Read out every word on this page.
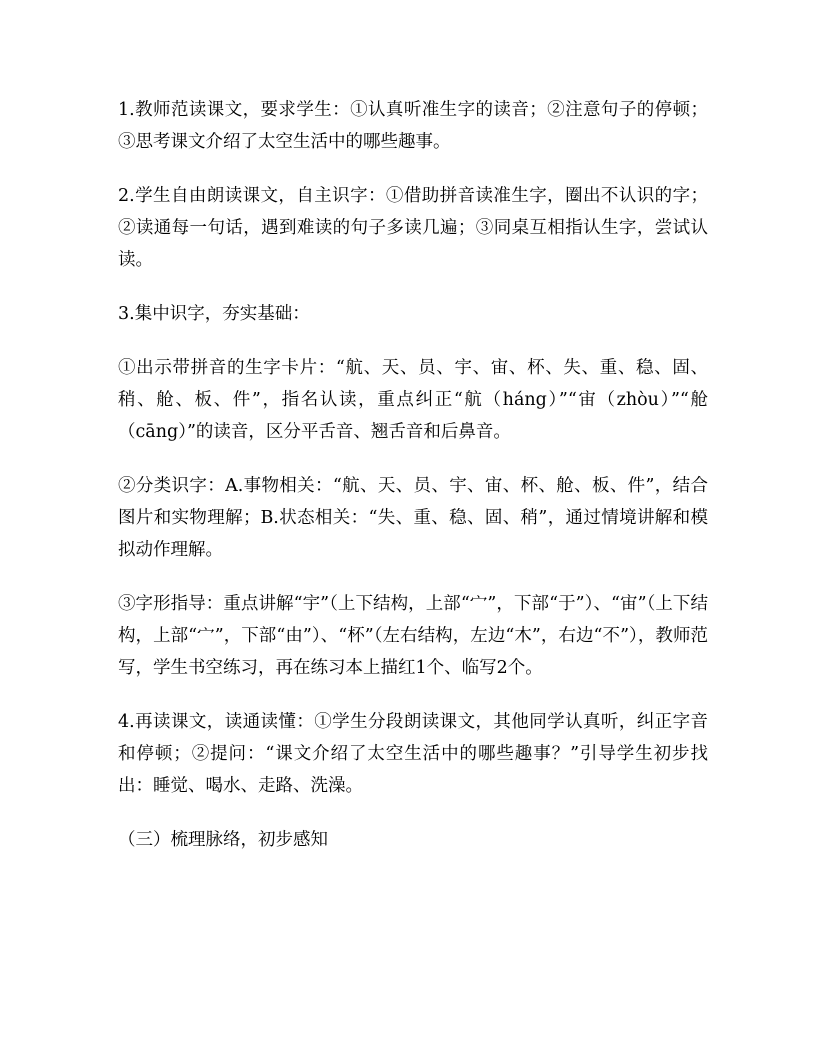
1.教师范读课文，要求学生：①认真听准生字的读音；②注意句子的停顿；③思考课文介绍了太空生活中的哪些趣事。

2.学生自由朗读课文，自主识字：①借助拼音读准生字，圈出不认识的字；②读通每一句话，遇到难读的句子多读几遍；③同桌互相指认生字，尝试认读。

3.集中识字，夯实基础：

①出示带拼音的生字卡片：“航、天、员、宇、宙、杯、失、重、稳、固、稍、舱、板、件”，指名认读，重点纠正“航（háng）”“宙（zhòu）”“舱（cāng）”的读音，区分平舌音、翘舌音和后鼻音。

②分类识字：A.事物相关：“航、天、员、宇、宙、杯、舱、板、件”，结合图片和实物理解；B.状态相关：“失、重、稳、固、稍”，通过情境讲解和模拟动作理解。

③字形指导：重点讲解“宇”（上下结构，上部“宀”，下部“于”）、“宙”（上下结构，上部“宀”，下部“由”）、“杯”（左右结构，左边“木”，右边“不”），教师范写，学生书空练习，再在练习本上描红1个、临写2个。

4.再读课文，读通读懂：①学生分段朗读课文，其他同学认真听，纠正字音和停顿；②提问：“课文介绍了太空生活中的哪些趣事？”引导学生初步找出：睡觉、喝水、走路、洗澡。

（三）梳理脉络，初步感知
